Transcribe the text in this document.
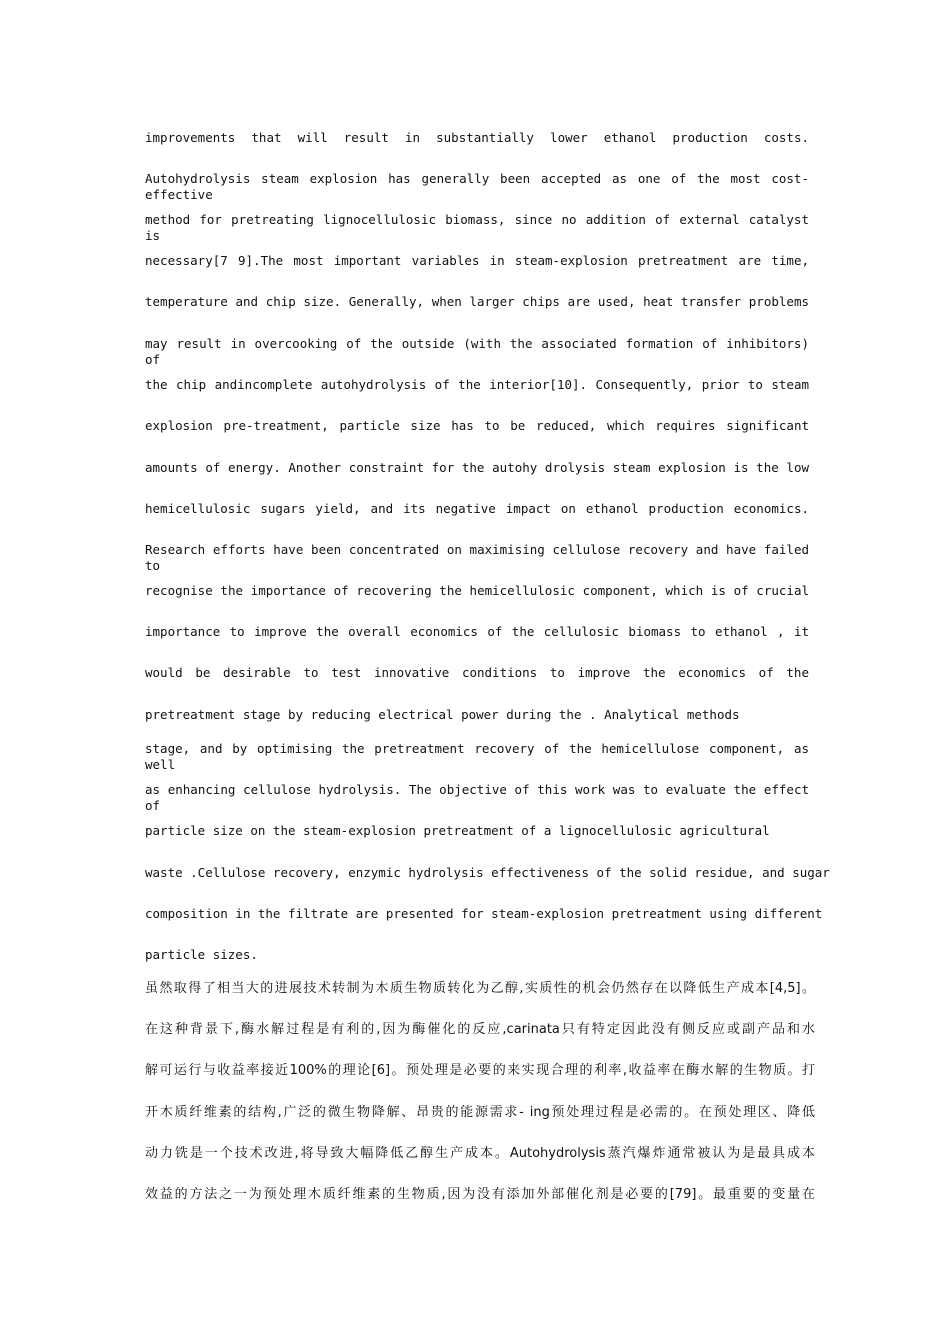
improvements that will result in substantially lower ethanol production costs.
Autohydrolysis steam explosion has generally been accepted as one of the most cost-effective
method for pretreating lignocellulosic biomass, since no addition of external catalyst is
necessary[7 9].The most important variables in steam-explosion pretreatment are time,
temperature and chip size. Generally, when larger chips are used, heat transfer problems
may result in overcooking of the outside (with the associated formation of inhibitors) of
the chip andincomplete autohydrolysis of the interior[10]. Consequently, prior to steam
explosion pre-treatment, particle size has to be reduced, which requires significant
amounts of energy. Another constraint for the autohy drolysis steam explosion is the low
hemicellulosic sugars yield, and its negative impact on ethanol production economics.
Research efforts have been concentrated on maximising cellulose recovery and have failed to
recognise the importance of recovering the hemicellulosic component, which is of crucial
importance to improve the overall economics of the cellulosic biomass to ethanol , it
would be desirable to test innovative conditions to improve the economics of the
pretreatment stage by reducing electrical power during the . Analytical methods
stage, and by optimising the pretreatment recovery of the hemicellulose component, as well
as enhancing cellulose hydrolysis. The objective of this work was to evaluate the effect of
particle size on the steam-explosion pretreatment of a lignocellulosic agricultural
waste .Cellulose recovery, enzymic hydrolysis effectiveness of the solid residue, and sugar
composition in the filtrate are presented for steam-explosion pretreatment using different
particle sizes.
虽然取得了相当大的进展技术转制为木质生物质转化为乙醇,实质性的机会仍然存在以降低生产成本[4,5]。
在这种背景下,酶水解过程是有利的,因为酶催化的反应,carinata只有特定因此没有侧反应或副产品和水
解可运行与收益率接近100%的理论[6]。预处理是必要的来实现合理的利率,收益率在酶水解的生物质。打
开木质纤维素的结构,广泛的微生物降解、昂贵的能源需求- ing预处理过程是必需的。在预处理区、降低
动力铣是一个技术改进,将导致大幅降低乙醇生产成本。Autohydrolysis蒸汽爆炸通常被认为是最具成本
效益的方法之一为预处理木质纤维素的生物质,因为没有添加外部催化剂是必要的[79]。最重要的变量在
